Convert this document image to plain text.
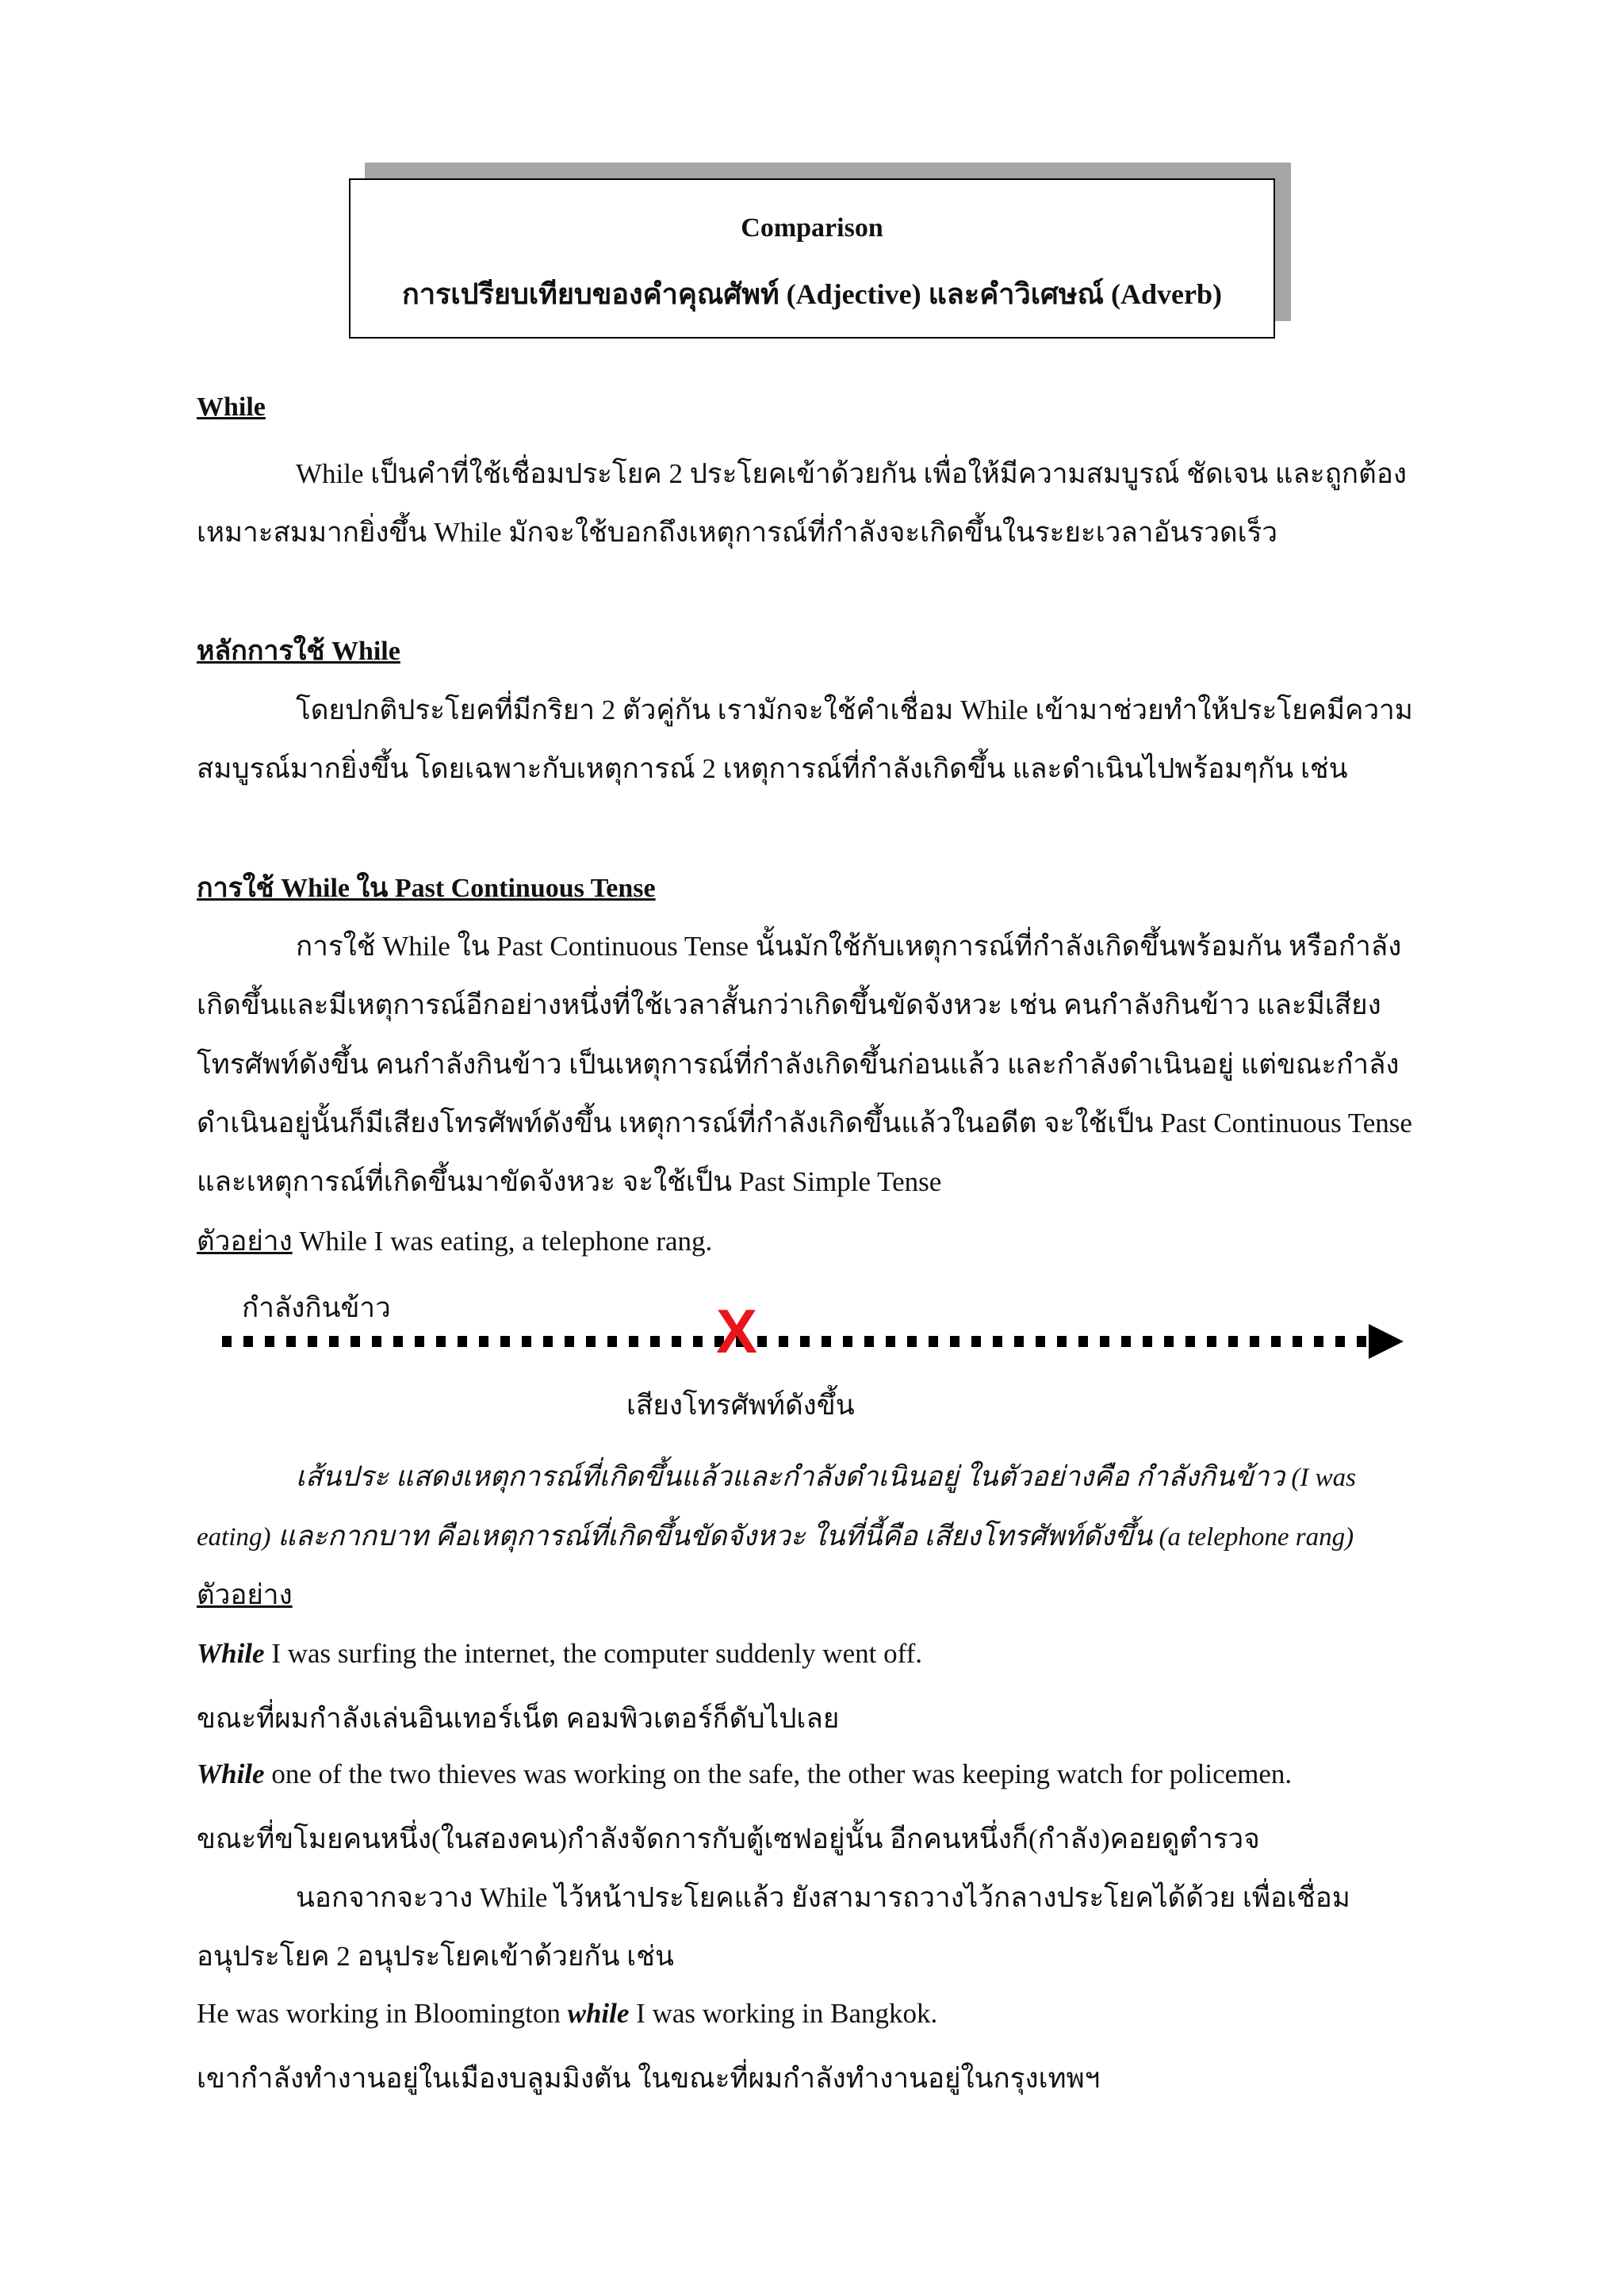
Comparison
การเปรียบเทียบของคำคุณศัพท์ (Adjective) และคำวิเศษณ์ (Adverb)
While
While เป็นคำที่ใช้เชื่อมประโยค 2 ประโยคเข้าด้วยกัน เพื่อให้มีความสมบูรณ์ ชัดเจน และถูกต้อง
เหมาะสมมากยิ่งขึ้น While มักจะใช้บอกถึงเหตุการณ์ที่กำลังจะเกิดขึ้นในระยะเวลาอันรวดเร็ว
หลักการใช้ While
โดยปกติประโยคที่มีกริยา 2 ตัวคู่กัน เรามักจะใช้คำเชื่อม While เข้ามาช่วยทำให้ประโยคมีความ
สมบูรณ์มากยิ่งขึ้น โดยเฉพาะกับเหตุการณ์ 2 เหตุการณ์ที่กำลังเกิดขึ้น และดำเนินไปพร้อมๆกัน เช่น
การใช้ While ใน Past Continuous Tense
การใช้ While ใน Past Continuous Tense นั้นมักใช้กับเหตุการณ์ที่กำลังเกิดขึ้นพร้อมกัน หรือกำลัง
เกิดขึ้นและมีเหตุการณ์อีกอย่างหนึ่งที่ใช้เวลาสั้นกว่าเกิดขึ้นขัดจังหวะ เช่น คนกำลังกินข้าว และมีเสียง
โทรศัพท์ดังขึ้น คนกำลังกินข้าว เป็นเหตุการณ์ที่กำลังเกิดขึ้นก่อนแล้ว และกำลังดำเนินอยู่ แต่ขณะกำลัง
ดำเนินอยู่นั้นก็มีเสียงโทรศัพท์ดังขึ้น เหตุการณ์ที่กำลังเกิดขึ้นแล้วในอดีต จะใช้เป็น Past Continuous Tense
และเหตุการณ์ที่เกิดขึ้นมาขัดจังหวะ จะใช้เป็น Past Simple Tense
ตัวอย่าง While I was eating, a telephone rang.
กำลังกินข้าว	X
เสียงโทรศัพท์ดังขึ้น
เส้นประ แสดงเหตุการณ์ที่เกิดขึ้นแล้วและกำลังดำเนินอยู่ ในตัวอย่างคือ กำลังกินข้าว (I was
eating) และกากบาท คือเหตุการณ์ที่เกิดขึ้นขัดจังหวะ ในที่นี้คือ เสียงโทรศัพท์ดังขึ้น (a telephone rang)
ตัวอย่าง
While I was surfing the internet, the computer suddenly went off.
ขณะที่ผมกำลังเล่นอินเทอร์เน็ต คอมพิวเตอร์ก็ดับไปเลย
While one of the two thieves was working on the safe, the other was keeping watch for policemen.
ขณะที่ขโมยคนหนึ่ง(ในสองคน)กำลังจัดการกับตู้เซฟอยู่นั้น อีกคนหนึ่งก็(กำลัง)คอยดูตำรวจ
นอกจากจะวาง While ไว้หน้าประโยคแล้ว ยังสามารถวางไว้กลางประโยคได้ด้วย เพื่อเชื่อม
อนุประโยค 2 อนุประโยคเข้าด้วยกัน เช่น
He was working in Bloomington while I was working in Bangkok.
เขากำลังทำงานอยู่ในเมืองบลูมมิงตัน ในขณะที่ผมกำลังทำงานอยู่ในกรุงเทพฯ
